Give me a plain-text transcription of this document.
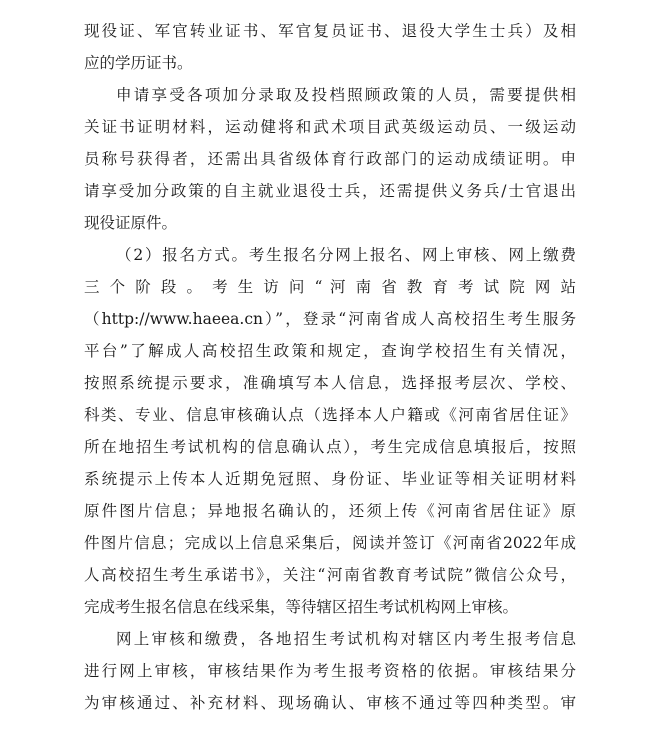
现役证、军官转业证书、军官复员证书、退役大学生士兵）及相

应的学历证书。

申请享受各项加分录取及投档照顾政策的人员，需要提供相

关证书证明材料，运动健将和武术项目武英级运动员、一级运动

员称号获得者，还需出具省级体育行政部门的运动成绩证明。申

请享受加分政策的自主就业退役士兵，还需提供义务兵/士官退出

现役证原件。

（2）报名方式。考生报名分网上报名、网上审核、网上缴费

三 个 阶 段 。 考 生 访 问 “ 河 南 省 教 育 考 试 院 网 站

（http://www.haeea.cn）”，登录“河南省成人高校招生考生服务

平台”了解成人高校招生政策和规定，查询学校招生有关情况，

按照系统提示要求，准确填写本人信息，选择报考层次、学校、

科类、专业、信息审核确认点（选择本人户籍或《河南省居住证》

所在地招生考试机构的信息确认点），考生完成信息填报后，按照

系统提示上传本人近期免冠照、身份证、毕业证等相关证明材料

原件图片信息；异地报名确认的，还须上传《河南省居住证》原

件图片信息；完成以上信息采集后，阅读并签订《河南省2022年成

人高校招生考生承诺书》，关注“河南省教育考试院”微信公众号，

完成考生报名信息在线采集，等待辖区招生考试机构网上审核。

网上审核和缴费，各地招生考试机构对辖区内考生报考信息

进行网上审核，审核结果作为考生报考资格的依据。审核结果分

为审核通过、补充材料、现场确认、审核不通过等四种类型。审
